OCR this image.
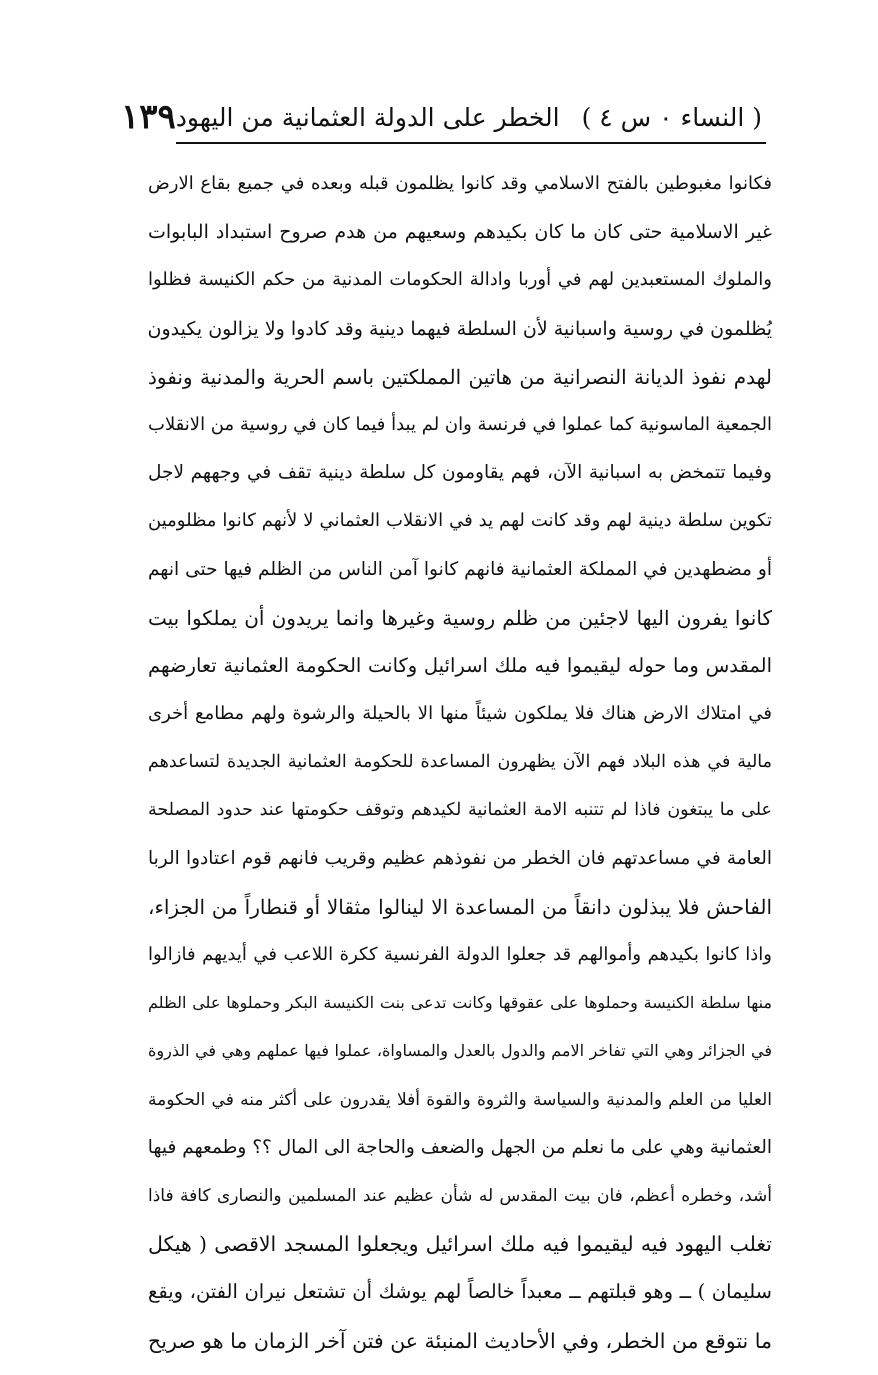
( النساء ٠ س ٤ )
الخطر على الدولة العثمانية من اليهود
١٣٩
فكانوا مغبوطين بالفتح الاسلامي وقد كانوا يظلمون قبله وبعده في جميع بقاع الارض
غير الاسلامية حتى كان ما كان بكيدهم وسعيهم من هدم صروح استبداد البابوات
والملوك المستعبدين لهم في أوربا وادالة الحكومات المدنية من حكم الكنيسة فظلوا
يُظلمون في روسية واسبانية لأن السلطة فيهما دينية وقد كادوا ولا يزالون يكيدون
لهدم نفوذ الديانة النصرانية من هاتين المملكتين باسم الحرية والمدنية ونفوذ
الجمعية الماسونية كما عملوا في فرنسة وان لم يبدأ فيما كان في روسية من الانقلاب
وفيما تتمخض به اسبانية الآن، فهم يقاومون كل سلطة دينية تقف في وجههم لاجل
تكوين سلطة دينية لهم وقد كانت لهم يد في الانقلاب العثماني لا لأنهم كانوا مظلومين
أو مضطهدين في المملكة العثمانية فانهم كانوا آمن الناس من الظلم فيها حتى انهم
كانوا يفرون اليها لاجئين من ظلم روسية وغيرها وانما يريدون أن يملكوا بيت
المقدس وما حوله ليقيموا فيه ملك اسرائيل وكانت الحكومة العثمانية تعارضهم
في امتلاك الارض هناك فلا يملكون شيئاً منها الا بالحيلة والرشوة ولهم مطامع أخرى
مالية في هذه البلاد فهم الآن يظهرون المساعدة للحكومة العثمانية الجديدة لتساعدهم
على ما يبتغون فاذا لم تتنبه الامة العثمانية لكيدهم وتوقف حكومتها عند حدود المصلحة
العامة في مساعدتهم فان الخطر من نفوذهم عظيم وقريب فانهم قوم اعتادوا الربا
الفاحش فلا يبذلون دانقاً من المساعدة الا لينالوا مثقالا أو قنطاراً من الجزاء،
واذا كانوا بكيدهم وأموالهم قد جعلوا الدولة الفرنسية ككرة اللاعب في أيديهم فازالوا
منها سلطة الكنيسة وحملوها على عقوقها وكانت تدعى بنت الكنيسة البكر وحملوها على الظلم
في الجزائر وهي التي تفاخر الامم والدول بالعدل والمساواة، عملوا فيها عملهم وهي في الذروة
العليا من العلم والمدنية والسياسة والثروة والقوة أفلا يقدرون على أكثر منه في الحكومة
العثمانية وهي على ما نعلم من الجهل والضعف والحاجة الى المال ؟؟ وطمعهم فيها
أشد، وخطره أعظم، فان بيت المقدس له شأن عظيم عند المسلمين والنصارى كافة فاذا
تغلب اليهود فيه ليقيموا فيه ملك اسرائيل ويجعلوا المسجد الاقصى ( هيكل
سليمان ) ــ وهو قبلتهم ــ معبداً خالصاً لهم يوشك أن تشتعل نيران الفتن، ويقع
ما نتوقع من الخطر، وفي الأحاديث المنبئة عن فتن آخر الزمان ما هو صريح
